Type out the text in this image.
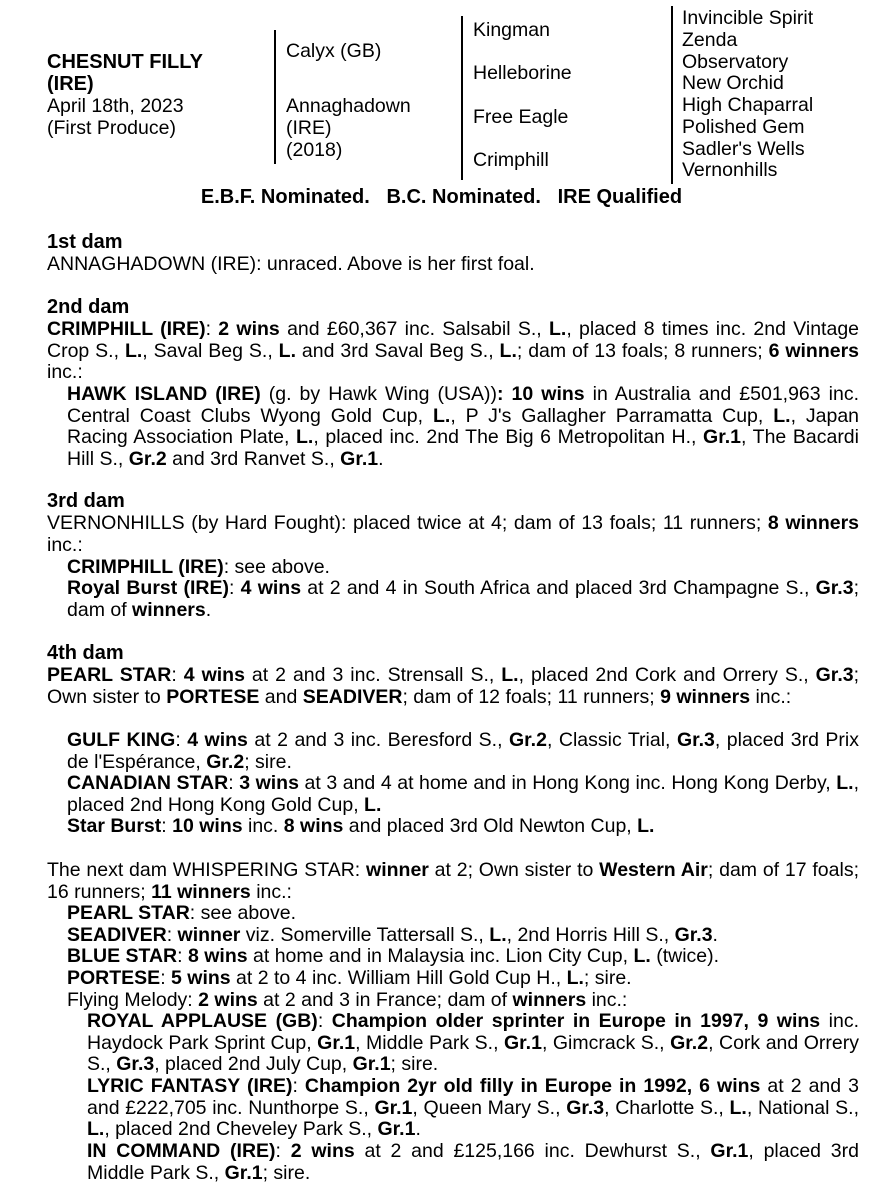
CHESNUT FILLY
(IRE)
April 18th, 2023
(First Produce)
Calyx (GB)
Annaghadown
(IRE)
(2018)
Kingman
Helleborine
Free Eagle
Crimphill
Invincible Spirit
Zenda
Observatory
New Orchid
High Chaparral
Polished Gem
Sadler's Wells
Vernonhills
E.B.F. Nominated.   B.C. Nominated.   IRE Qualified
1st dam
ANNAGHADOWN (IRE): unraced. Above is her first foal.
2nd dam
CRIMPHILL (IRE): 2 wins and £60,367 inc. Salsabil S., L., placed 8 times inc. 2nd Vintage Crop S., L., Saval Beg S., L. and 3rd Saval Beg S., L.; dam of 13 foals; 8 runners; 6 winners inc.:
HAWK ISLAND (IRE) (g. by Hawk Wing (USA)): 10 wins in Australia and £501,963 inc. Central Coast Clubs Wyong Gold Cup, L., P J's Gallagher Parramatta Cup, L., Japan Racing Association Plate, L., placed inc. 2nd The Big 6 Metropolitan H., Gr.1, The Bacardi Hill S., Gr.2 and 3rd Ranvet S., Gr.1.
3rd dam
VERNONHILLS (by Hard Fought): placed twice at 4; dam of 13 foals; 11 runners; 8 winners inc.:
CRIMPHILL (IRE): see above.
Royal Burst (IRE): 4 wins at 2 and 4 in South Africa and placed 3rd Champagne S., Gr.3; dam of winners.
4th dam
PEARL STAR: 4 wins at 2 and 3 inc. Strensall S., L., placed 2nd Cork and Orrery S., Gr.3; Own sister to PORTESE and SEADIVER; dam of 12 foals; 11 runners; 9 winners inc.:
GULF KING: 4 wins at 2 and 3 inc. Beresford S., Gr.2, Classic Trial, Gr.3, placed 3rd Prix de l'Espérance, Gr.2; sire.
CANADIAN STAR: 3 wins at 3 and 4 at home and in Hong Kong inc. Hong Kong Derby, L., placed 2nd Hong Kong Gold Cup, L.
Star Burst: 10 wins inc. 8 wins and placed 3rd Old Newton Cup, L.
The next dam WHISPERING STAR: winner at 2; Own sister to Western Air; dam of 17 foals; 16 runners; 11 winners inc.:
PEARL STAR: see above.
SEADIVER: winner viz. Somerville Tattersall S., L., 2nd Horris Hill S., Gr.3.
BLUE STAR: 8 wins at home and in Malaysia inc. Lion City Cup, L. (twice).
PORTESE: 5 wins at 2 to 4 inc. William Hill Gold Cup H., L.; sire.
Flying Melody: 2 wins at 2 and 3 in France; dam of winners inc.:
ROYAL APPLAUSE (GB): Champion older sprinter in Europe in 1997, 9 wins inc. Haydock Park Sprint Cup, Gr.1, Middle Park S., Gr.1, Gimcrack S., Gr.2, Cork and Orrery S., Gr.3, placed 2nd July Cup, Gr.1; sire.
LYRIC FANTASY (IRE): Champion 2yr old filly in Europe in 1992, 6 wins at 2 and 3 and £222,705 inc. Nunthorpe S., Gr.1, Queen Mary S., Gr.3, Charlotte S., L., National S., L., placed 2nd Cheveley Park S., Gr.1.
IN COMMAND (IRE): 2 wins at 2 and £125,166 inc. Dewhurst S., Gr.1, placed 3rd Middle Park S., Gr.1; sire.
